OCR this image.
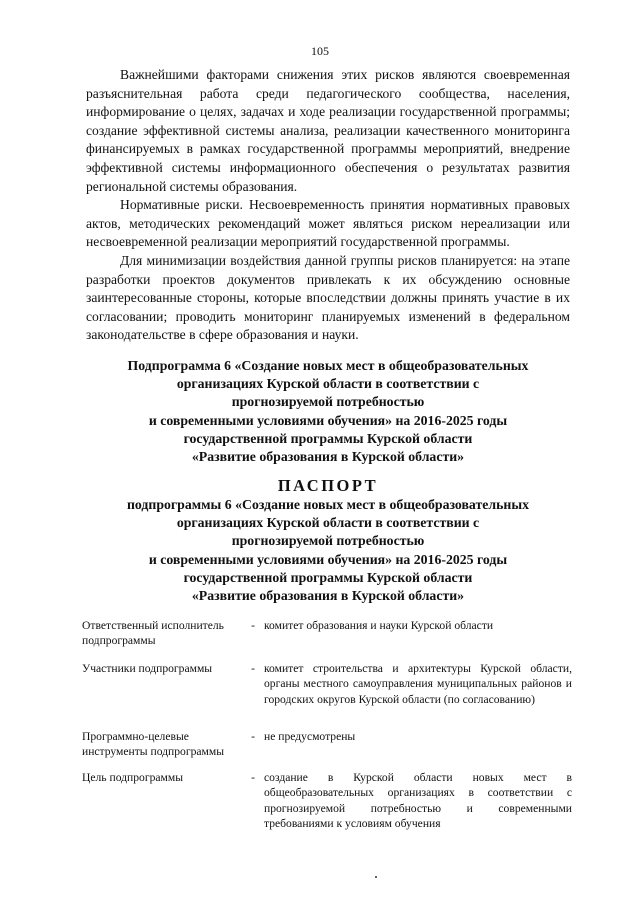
105

Важнейшими факторами снижения этих рисков являются своевременная разъяснительная работа среди педагогического сообщества, населения, информирование о целях, задачах и ходе реализации государственной программы; создание эффективной системы анализа, реализации качественного мониторинга финансируемых в рамках государственной программы мероприятий, внедрение эффективной системы информационного обеспечения о результатах развития региональной системы образования.

Нормативные риски. Несвоевременность принятия нормативных правовых актов, методических рекомендаций может являться риском нереализации или несвоевременной реализации мероприятий государственной программы.

Для минимизации воздействия данной группы рисков планируется: на этапе разработки проектов документов привлекать к их обсуждению основные заинтересованные стороны, которые впоследствии должны принять участие в их согласовании; проводить мониторинг планируемых изменений в федеральном законодательстве в сфере образования и науки.

Подпрограмма 6 «Создание новых мест в общеобразовательных
организациях Курской области в соответствии с
прогнозируемой потребностью
и современными условиями обучения» на 2016-2025 годы
государственной программы Курской области
«Развитие образования в Курской области»
ПАСПОРТ
подпрограммы 6 «Создание новых мест в общеобразовательных
организациях Курской области в соответствии с
прогнозируемой потребностью
и современными условиями обучения» на 2016-2025 годы
государственной программы Курской области
«Развитие образования в Курской области»
Ответственный исполнитель подпрограммы
- комитет образования и науки Курской области
Участники подпрограммы	- комитет строительства и архитектуры Курской области, органы местного самоуправления муниципальных районов и городских округов Курской области (по согласованию)
Программно-целевые инструменты подпрограммы
- не предусмотрены
Цель подпрограммы	- создание в Курской области новых мест в общеобразовательных организациях в соответствии с прогнозируемой потребностью и современными требованиями к условиям обучения
